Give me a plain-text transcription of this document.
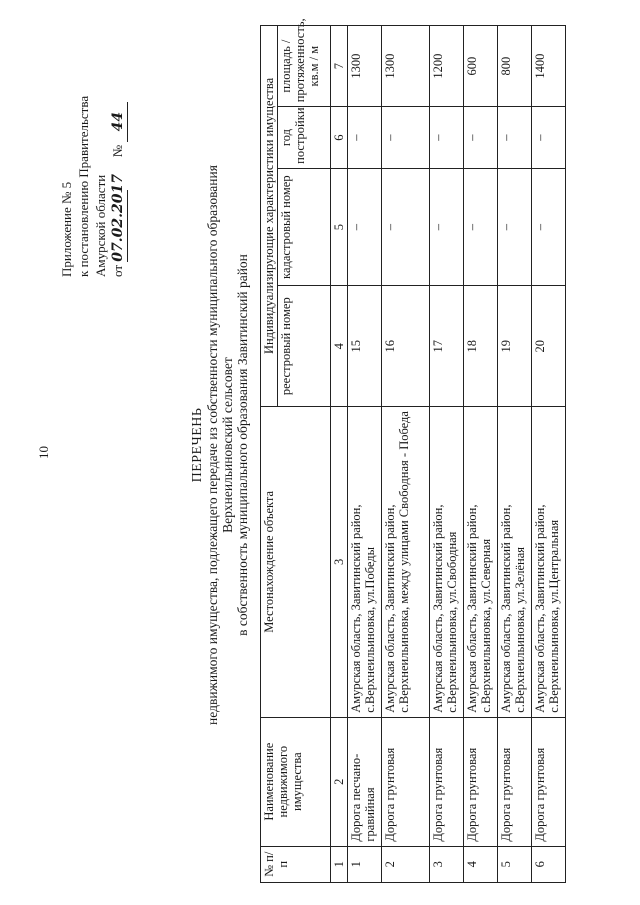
10
Приложение № 5 к постановлению Правительства Амурской области от 07.02.2017          № 44
ПЕРЕЧЕНЬ недвижимого имущества, подлежащего передаче из собственности муниципального образования Верхнеильиновский сельсовет в собственность муниципального образования Завитинский район
№ п/п	Наименование недвижимого имущества	Местонахождение объекта	Индивидуализирующие характеристики имущества			
			реестровый номер	кадастровый номер	год постройки	площадь / протяженность, кв.м / м
1	2	3	4	5	6	7
1	Дорога песчано-гравийная	Амурская область, Завитинский район, с.Верхнеильиновка, ул.Победы	15	–	–	1300
2	Дорога грунтовая	Амурская область, Завитинский район, с.Верхнеильиновка, между улицами Свободная - Победа	16	–	–	1300
3	Дорога грунтовая	Амурская область, Завитинский район, с.Верхнеильиновка, ул.Свободная	17	–	–	1200
4	Дорога грунтовая	Амурская область, Завитинский район, с.Верхнеильиновка, ул.Северная	18	–	–	600
5	Дорога грунтовая	Амурская область, Завитинский район, с.Верхнеильиновка, ул.Зелёная	19	–	–	800
6	Дорога грунтовая	Амурская область, Завитинский район, с.Верхнеильиновка, ул.Центральная	20	–	–	1400
